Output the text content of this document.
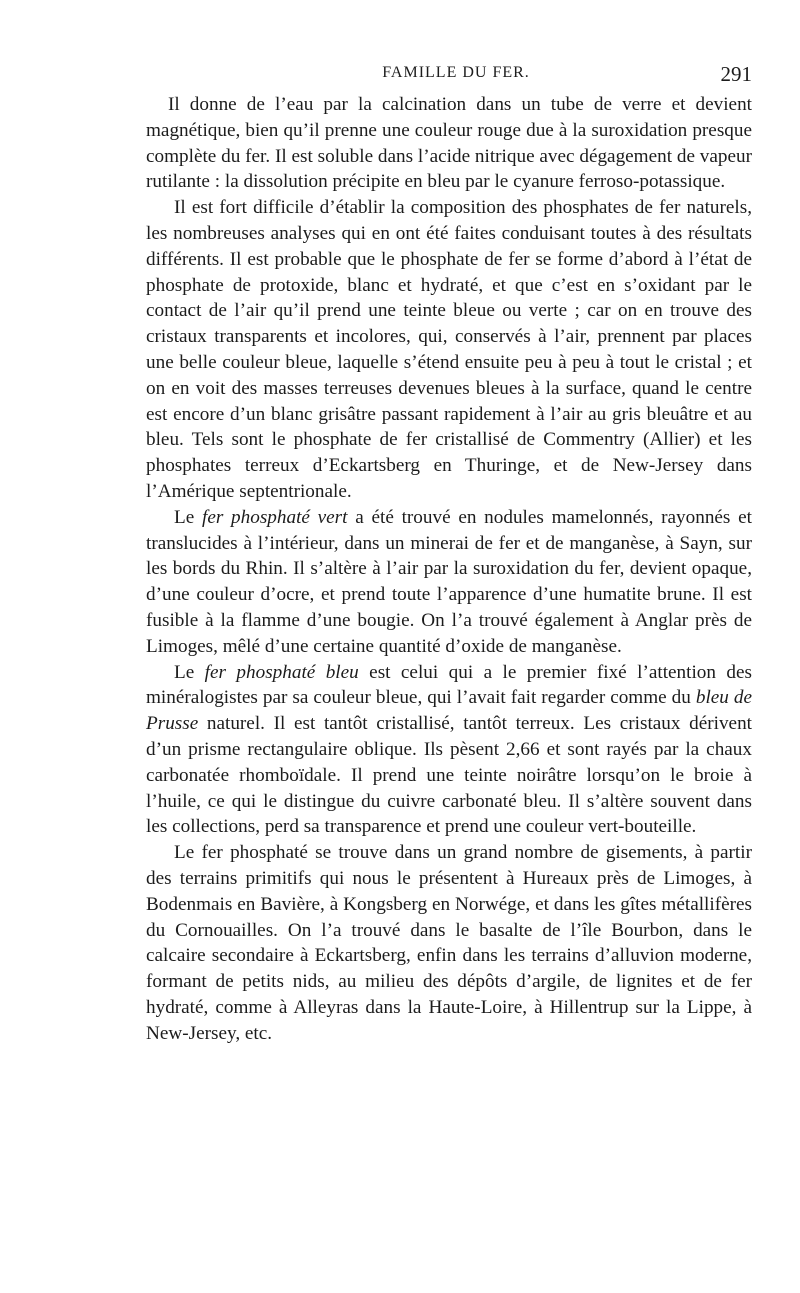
FAMILLE DU FER.	291

Il donne de l’eau par la calcination dans un tube de verre et devient magnétique, bien qu’il prenne une couleur rouge due à la suroxidation presque complète du fer. Il est soluble dans l’acide nitrique avec dégagement de vapeur rutilante : la dissolution précipite en bleu par le cyanure ferroso-potassique.

Il est fort difficile d’établir la composition des phosphates de fer naturels, les nombreuses analyses qui en ont été faites conduisant toutes à des résultats différents. Il est probable que le phosphate de fer se forme d’abord à l’état de phosphate de protoxide, blanc et hydraté, et que c’est en s’oxidant par le contact de l’air qu’il prend une teinte bleue ou verte ; car on en trouve des cristaux transparents et incolores, qui, conservés à l’air, prennent par places une belle couleur bleue, laquelle s’étend ensuite peu à peu à tout le cristal ; et on en voit des masses terreuses devenues bleues à la surface, quand le centre est encore d’un blanc grisâtre passant rapidement à l’air au gris bleuâtre et au bleu. Tels sont le phosphate de fer cristallisé de Commentry (Allier) et les phosphates terreux d’Eckartsberg en Thuringe, et de New-Jersey dans l’Amérique septentrionale.

Le fer phosphaté vert a été trouvé en nodules mamelonnés, rayonnés et translucides à l’intérieur, dans un minerai de fer et de manganèse, à Sayn, sur les bords du Rhin. Il s’altère à l’air par la suroxidation du fer, devient opaque, d’une couleur d’ocre, et prend toute l’apparence d’une humatite brune. Il est fusible à la flamme d’une bougie. On l’a trouvé également à Anglar près de Limoges, mêlé d’une certaine quantité d’oxide de manganèse.

Le fer phosphaté bleu est celui qui a le premier fixé l’attention des minéralogistes par sa couleur bleue, qui l’avait fait regarder comme du bleu de Prusse naturel. Il est tantôt cristallisé, tantôt terreux. Les cristaux dérivent d’un prisme rectangulaire oblique. Ils pèsent 2,66 et sont rayés par la chaux carbonatée rhomboïdale. Il prend une teinte noirâtre lorsqu’on le broie à l’huile, ce qui le distingue du cuivre carbonaté bleu. Il s’altère souvent dans les collections, perd sa transparence et prend une couleur vert-bouteille.

Le fer phosphaté se trouve dans un grand nombre de gisements, à partir des terrains primitifs qui nous le présentent à Hureaux près de Limoges, à Bodenmais en Bavière, à Kongsberg en Norwége, et dans les gîtes métallifères du Cornouailles. On l’a trouvé dans le basalte de l’île Bourbon, dans le calcaire secondaire à Eckartsberg, enfin dans les terrains d’alluvion moderne, formant de petits nids, au milieu des dépôts d’argile, de lignites et de fer hydraté, comme à Alleyras dans la Haute-Loire, à Hillentrup sur la Lippe, à New-Jersey, etc.
